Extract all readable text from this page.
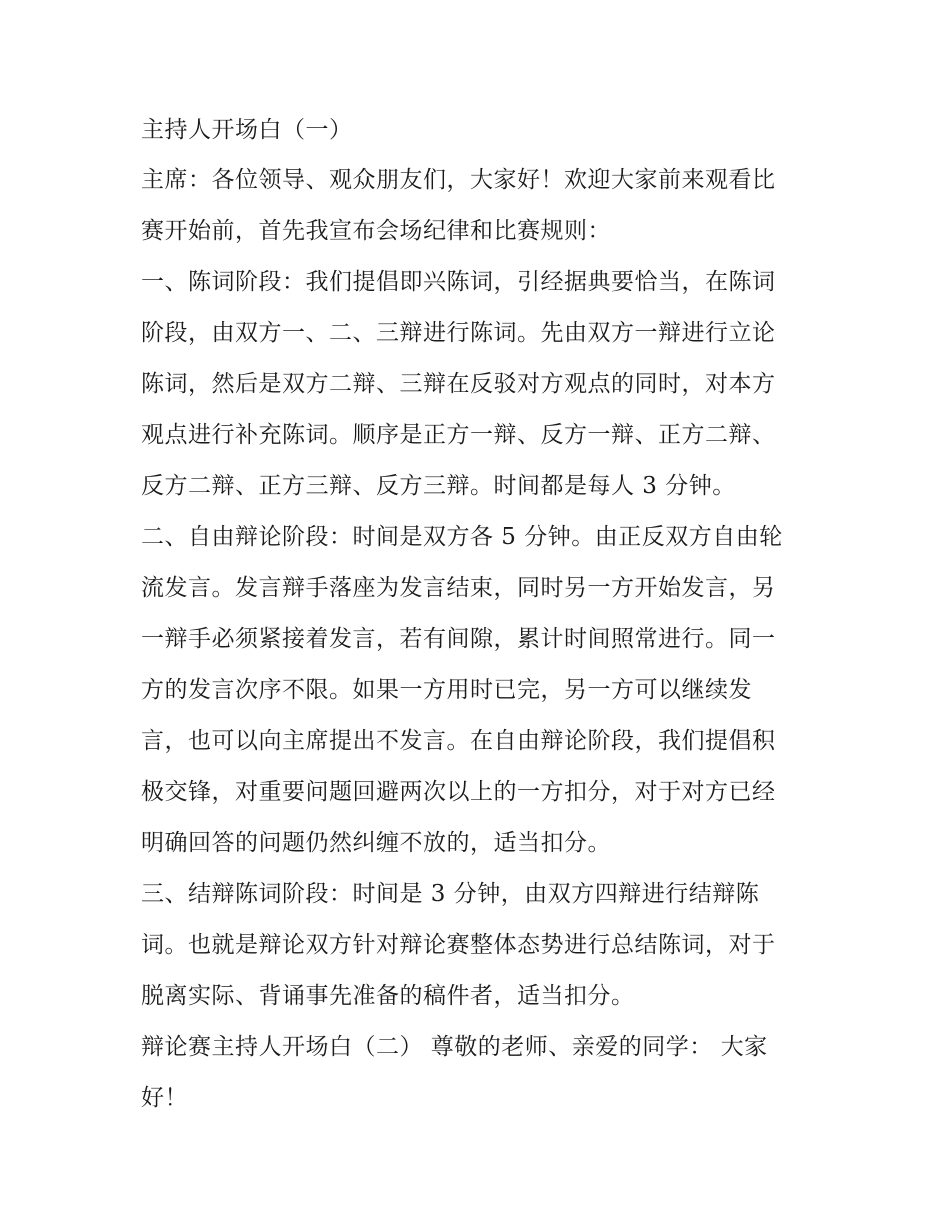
主持人开场白（一）

主席：各位领导、观众朋友们，大家好！欢迎大家前来观看比

赛开始前，首先我宣布会场纪律和比赛规则：

一、陈词阶段：我们提倡即兴陈词，引经据典要恰当，在陈词

阶段，由双方一、二、三辩进行陈词。先由双方一辩进行立论

陈词，然后是双方二辩、三辩在反驳对方观点的同时，对本方

观点进行补充陈词。顺序是正方一辩、反方一辩、正方二辩、

反方二辩、正方三辩、反方三辩。时间都是每人 3 分钟。

二、自由辩论阶段：时间是双方各 5 分钟。由正反双方自由轮

流发言。发言辩手落座为发言结束，同时另一方开始发言，另

一辩手必须紧接着发言，若有间隙，累计时间照常进行。同一

方的发言次序不限。如果一方用时已完，另一方可以继续发

言，也可以向主席提出不发言。在自由辩论阶段，我们提倡积

极交锋，对重要问题回避两次以上的一方扣分，对于对方已经

明确回答的问题仍然纠缠不放的，适当扣分。

三、结辩陈词阶段：时间是 3 分钟，由双方四辩进行结辩陈

词。也就是辩论双方针对辩论赛整体态势进行总结陈词，对于

脱离实际、背诵事先准备的稿件者，适当扣分。

辩论赛主持人开场白（二） 尊敬的老师、亲爱的同学： 大家

好！
